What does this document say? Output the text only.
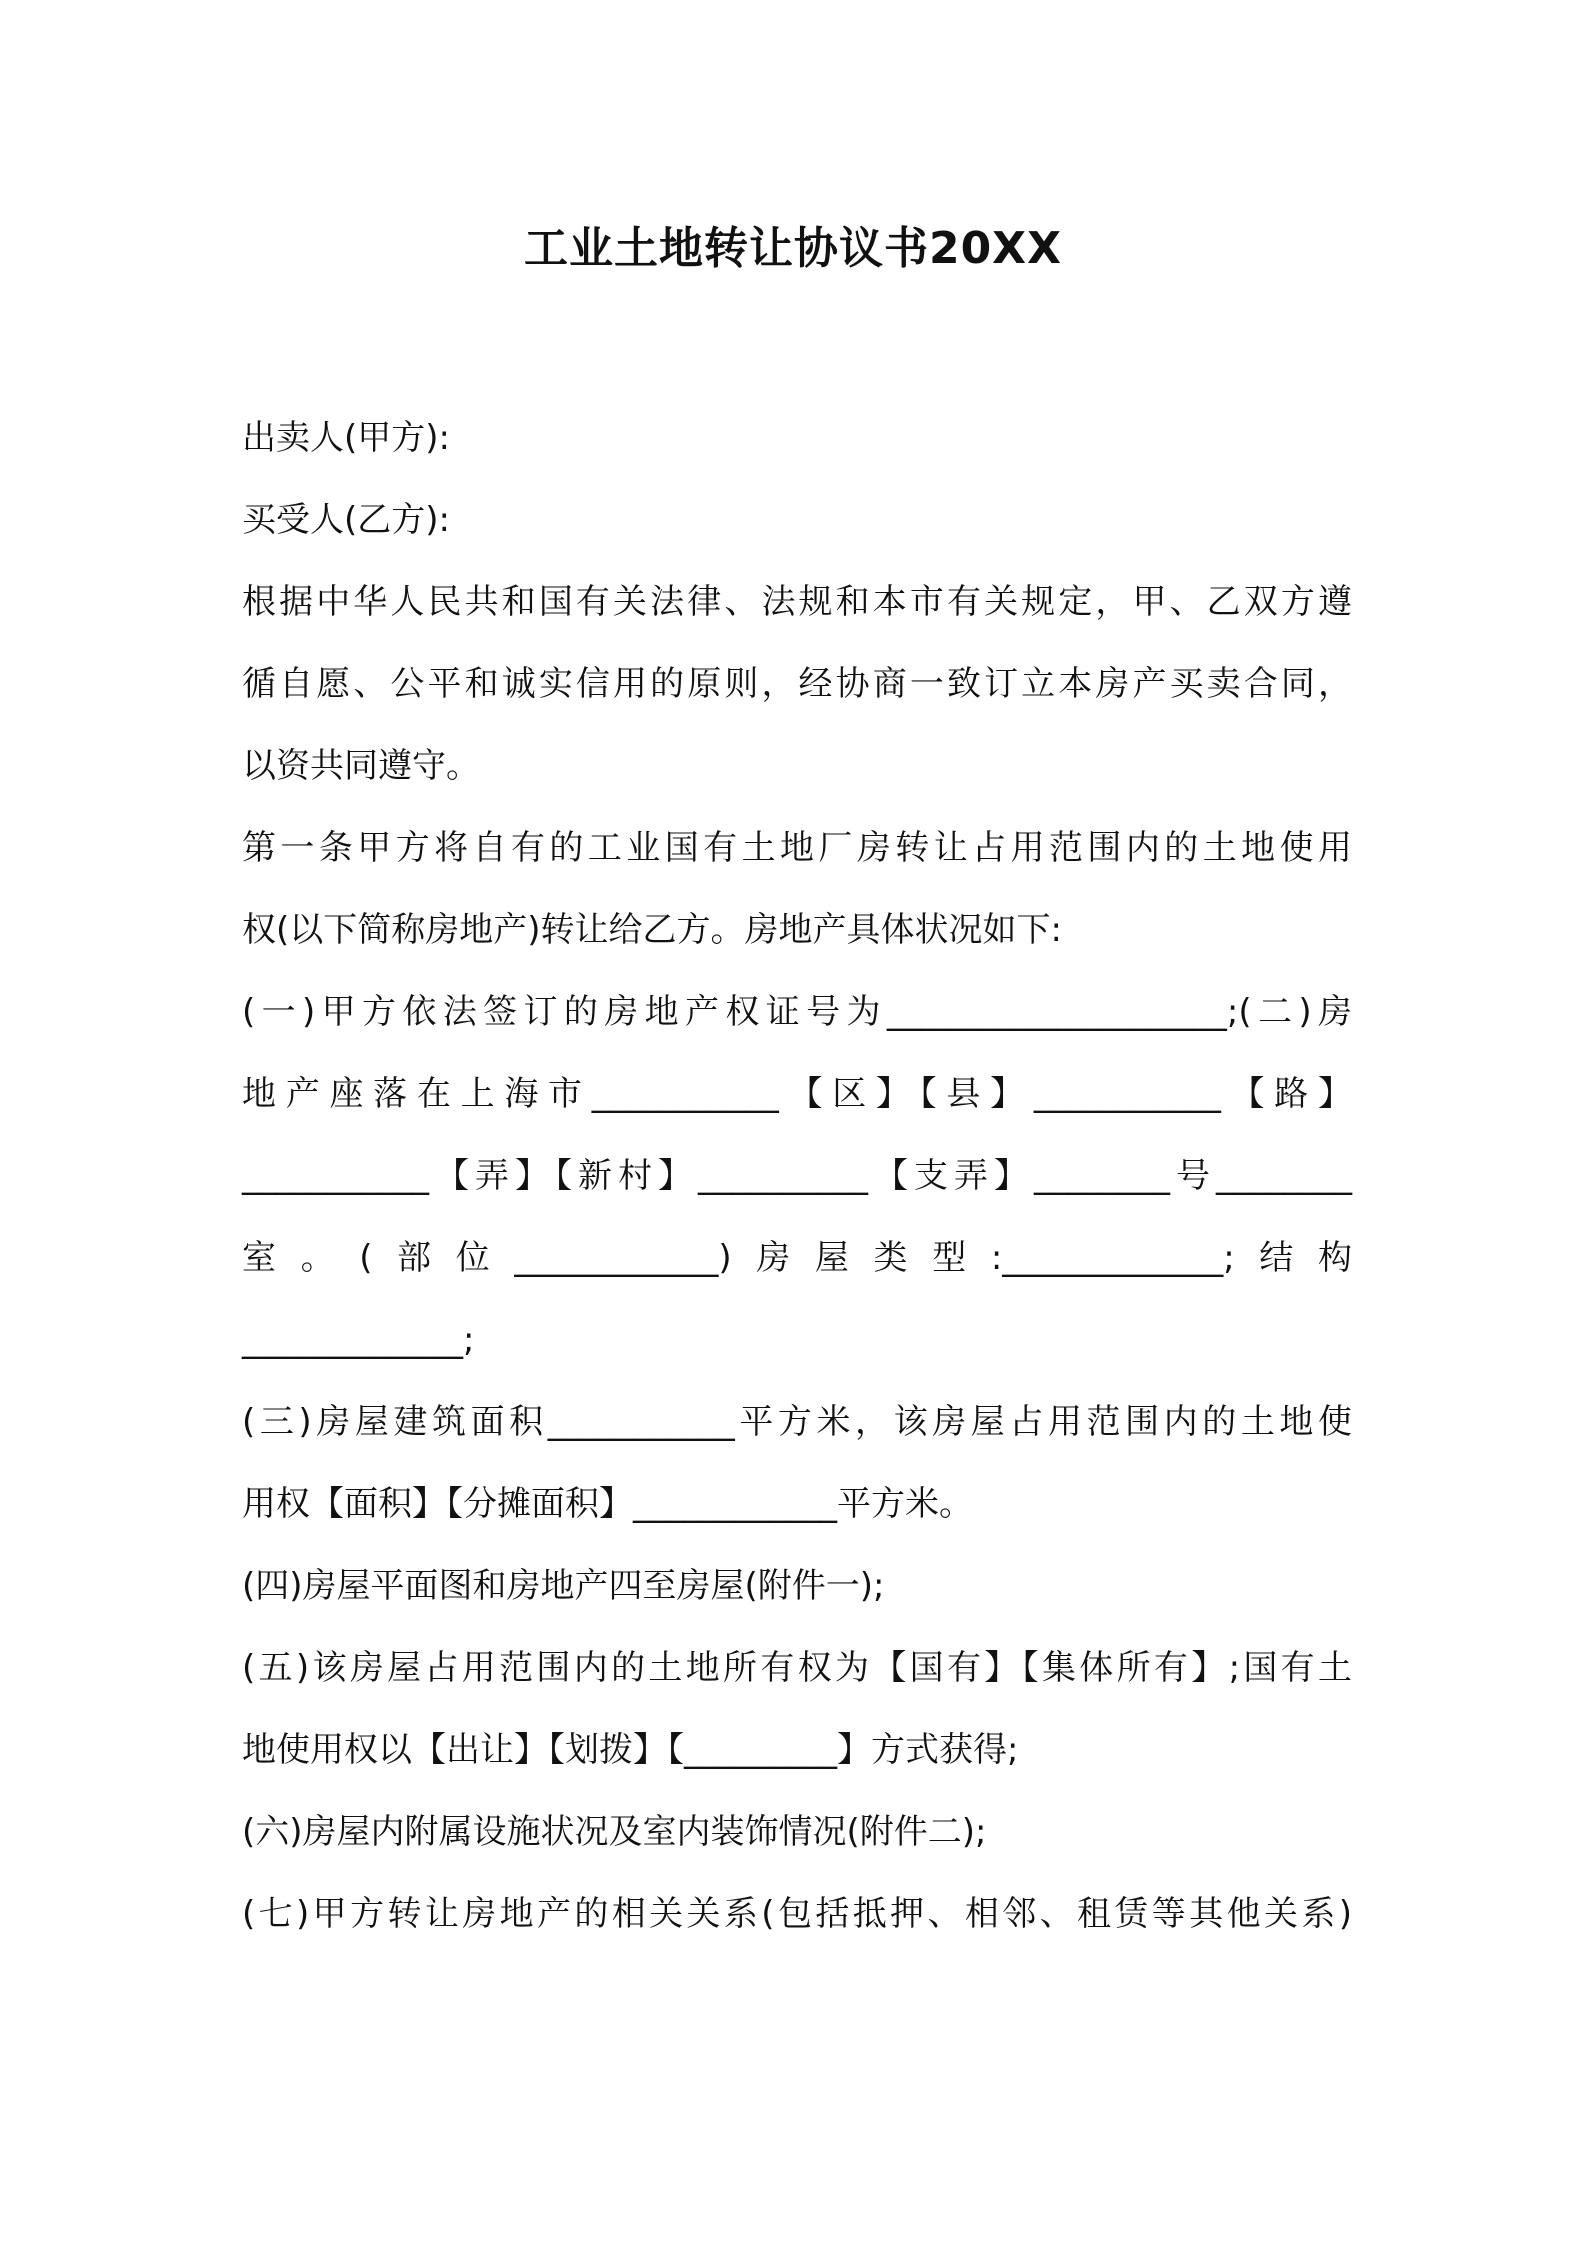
工业土地转让协议书20XX
出卖人(甲方):
买受人(乙方):
根据中华人民共和国有关法律、法规和本市有关规定，甲、乙双方遵
循自愿、公平和诚实信用的原则，经协商一致订立本房产买卖合同，
以资共同遵守。
第一条甲方将自有的工业国有土地厂房转让占用范围内的土地使用
权(以下简称房地产)转让给乙方。房地产具体状况如下:
(一)甲方依法签订的房地产权证号为____________________;(二)房
地产座落在上海市___________【区】【县】___________【路】
___________【弄】【新村】__________【支弄】________号________
室。(部位____________)房屋类型:_____________;结构
_____________;
(三)房屋建筑面积___________平方米，该房屋占用范围内的土地使
用权【面积】【分摊面积】____________平方米。
(四)房屋平面图和房地产四至房屋(附件一);
(五)该房屋占用范围内的土地所有权为【国有】【集体所有】;国有土
地使用权以【出让】【划拨】【_________】方式获得;
(六)房屋内附属设施状况及室内装饰情况(附件二);
(七)甲方转让房地产的相关关系(包括抵押、相邻、租赁等其他关系)
